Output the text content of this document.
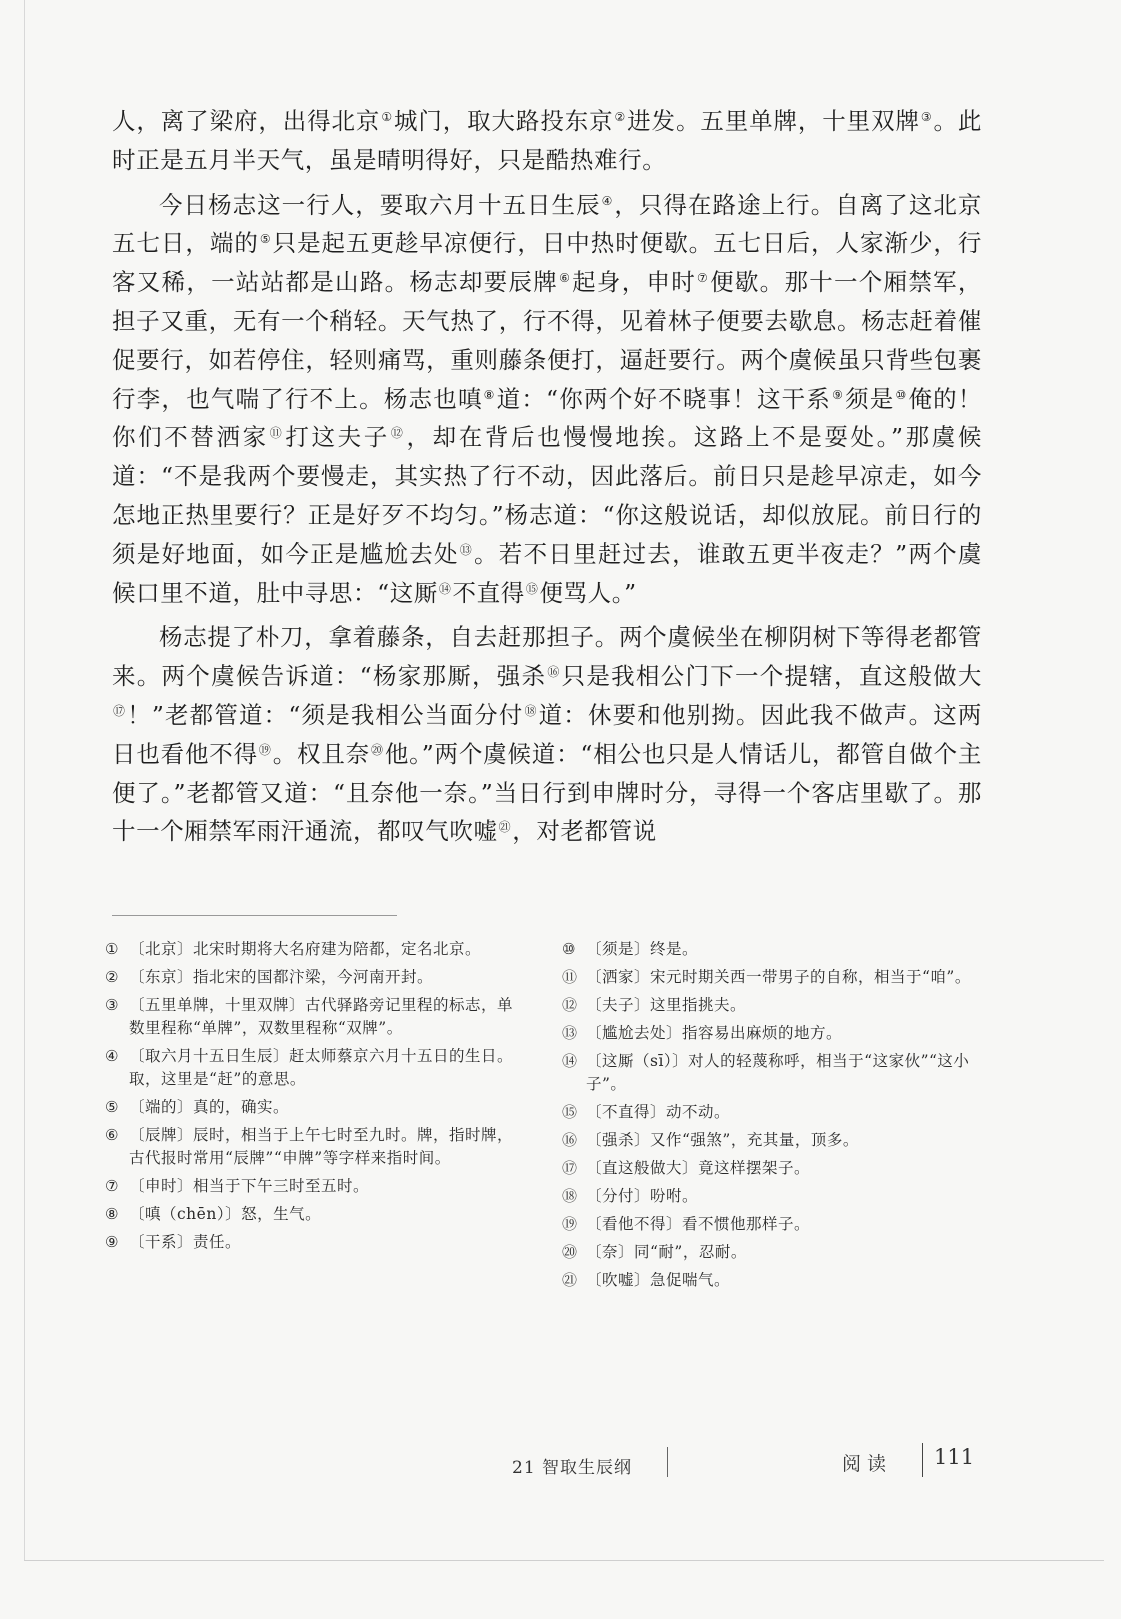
人，离了梁府，出得北京①城门，取大路投东京②进发。五里单牌，十里双牌③。此时正是五月半天气，虽是晴明得好，只是酷热难行。

今日杨志这一行人，要取六月十五日生辰④，只得在路途上行。自离了这北京五七日，端的⑤只是起五更趁早凉便行，日中热时便歇。五七日后，人家渐少，行客又稀，一站站都是山路。杨志却要辰牌⑥起身，申时⑦便歇。那十一个厢禁军，担子又重，无有一个稍轻。天气热了，行不得，见着林子便要去歇息。杨志赶着催促要行，如若停住，轻则痛骂，重则藤条便打，逼赶要行。两个虞候虽只背些包裹行李，也气喘了行不上。杨志也嗔⑧道：“你两个好不晓事！这干系⑨须是⑩俺的！你们不替洒家⑪打这夫子⑫，却在背后也慢慢地挨。这路上不是耍处。”那虞候道：“不是我两个要慢走，其实热了行不动，因此落后。前日只是趁早凉走，如今怎地正热里要行？正是好歹不均匀。”杨志道：“你这般说话，却似放屁。前日行的须是好地面，如今正是尴尬去处⑬。若不日里赶过去，谁敢五更半夜走？”两个虞候口里不道，肚中寻思：“这厮⑭不直得⑮便骂人。”

杨志提了朴刀，拿着藤条，自去赶那担子。两个虞候坐在柳阴树下等得老都管来。两个虞候告诉道：“杨家那厮，强杀⑯只是我相公门下一个提辖，直这般做大⑰！”老都管道：“须是我相公当面分付⑱道：休要和他别拗。因此我不做声。这两日也看他不得⑲。权且奈⑳他。”两个虞候道：“相公也只是人情话儿，都管自做个主便了。”老都管又道：“且奈他一奈。”当日行到申牌时分，寻得一个客店里歇了。那十一个厢禁军雨汗通流，都叹气吹嘘$^㉑$，对老都管说

① 〔北京〕北宋时期将大名府建为陪都，定名北京。
② 〔东京〕指北宋的国都汴梁，今河南开封。
③ 〔五里单牌，十里双牌〕古代驿路旁记里程的标志，单数里程称“单牌”，双数里程称“双牌”。
④ 〔取六月十五日生辰〕赶太师蔡京六月十五日的生日。取，这里是“赶”的意思。
⑤ 〔端的〕真的，确实。
⑥ 〔辰牌〕辰时，相当于上午七时至九时。牌，指时牌，古代报时常用“辰牌”“申牌”等字样来指时间。
⑦ 〔申时〕相当于下午三时至五时。
⑧ 〔嗔（chēn）〕怒，生气。
⑨ 〔干系〕责任。
⑩ 〔须是〕终是。
⑪ 〔洒家〕宋元时期关西一带男子的自称，相当于“咱”。
⑫ 〔夫子〕这里指挑夫。
⑬ 〔尴尬去处〕指容易出麻烦的地方。
⑭ 〔这厮（sī）〕对人的轻蔑称呼，相当于“这家伙”“这小子”。
⑮ 〔不直得〕动不动。
⑯ 〔强杀〕又作“强煞”，充其量，顶多。
⑰ 〔直这般做大〕竟这样摆架子。
⑱ 〔分付〕吩咐。
⑲ 〔看他不得〕看不惯他那样子。
⑳ 〔奈〕同“耐”，忍耐。
㉑ 〔吹嘘〕急促喘气。
21 智取生辰纲	阅读 111
